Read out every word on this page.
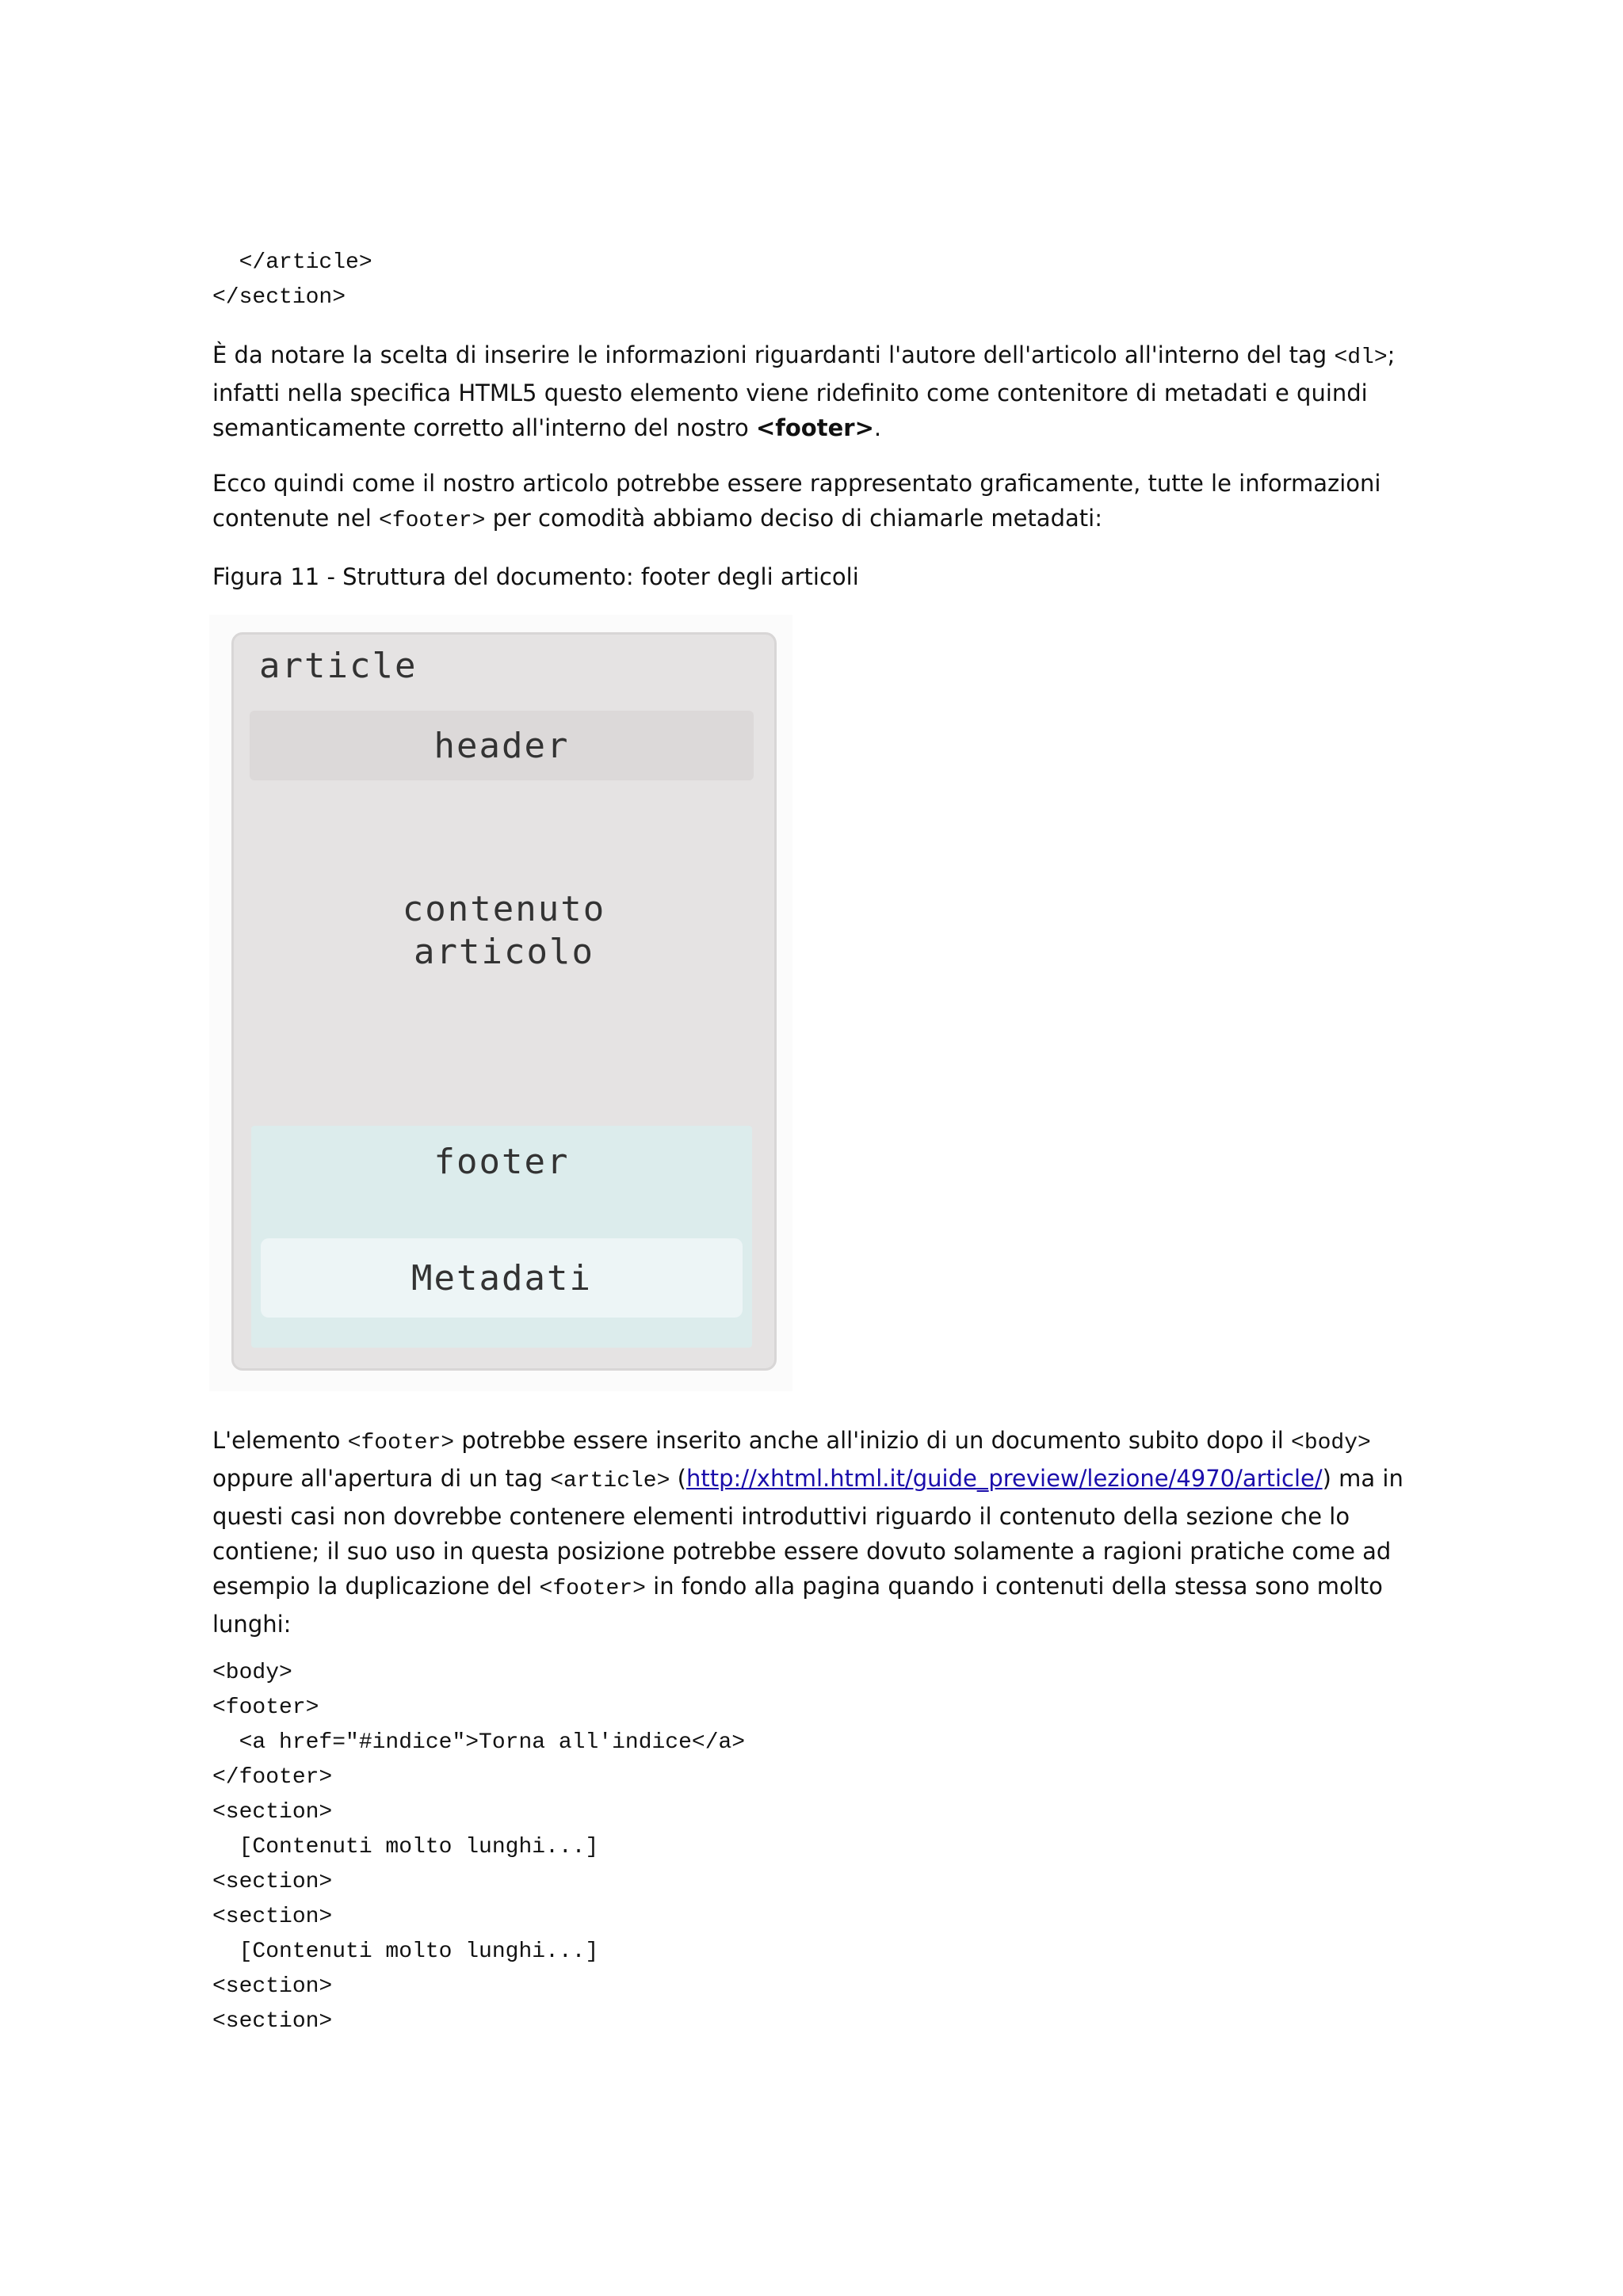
</article>
</section>

È da notare la scelta di inserire le informazioni riguardanti l'autore dell'articolo all'interno del tag <dl>; infatti nella specifica HTML5 questo elemento viene ridefinito come contenitore di metadati e quindi semanticamente corretto all'interno del nostro <footer>.

Ecco quindi come il nostro articolo potrebbe essere rappresentato graficamente, tutte le informazioni contenute nel <footer> per comodità abbiamo deciso di chiamarle metadati:

Figura 11 - Struttura del documento: footer degli articoli

article
header
contenuto
articolo
footer
Metadati

L'elemento <footer> potrebbe essere inserito anche all'inizio di un documento subito dopo il <body> oppure all'apertura di un tag <article> (http://xhtml.html.it/guide_preview/lezione/4970/article/) ma in questi casi non dovrebbe contenere elementi introduttivi riguardo il contenuto della sezione che lo contiene; il suo uso in questa posizione potrebbe essere dovuto solamente a ragioni pratiche come ad esempio la duplicazione del <footer> in fondo alla pagina quando i contenuti della stessa sono molto lunghi:

<body>
<footer>
<a href="#indice">Torna all'indice</a>
</footer>
<section>
[Contenuti molto lunghi...]
<section>
<section>
[Contenuti molto lunghi...]
<section>
<section>
